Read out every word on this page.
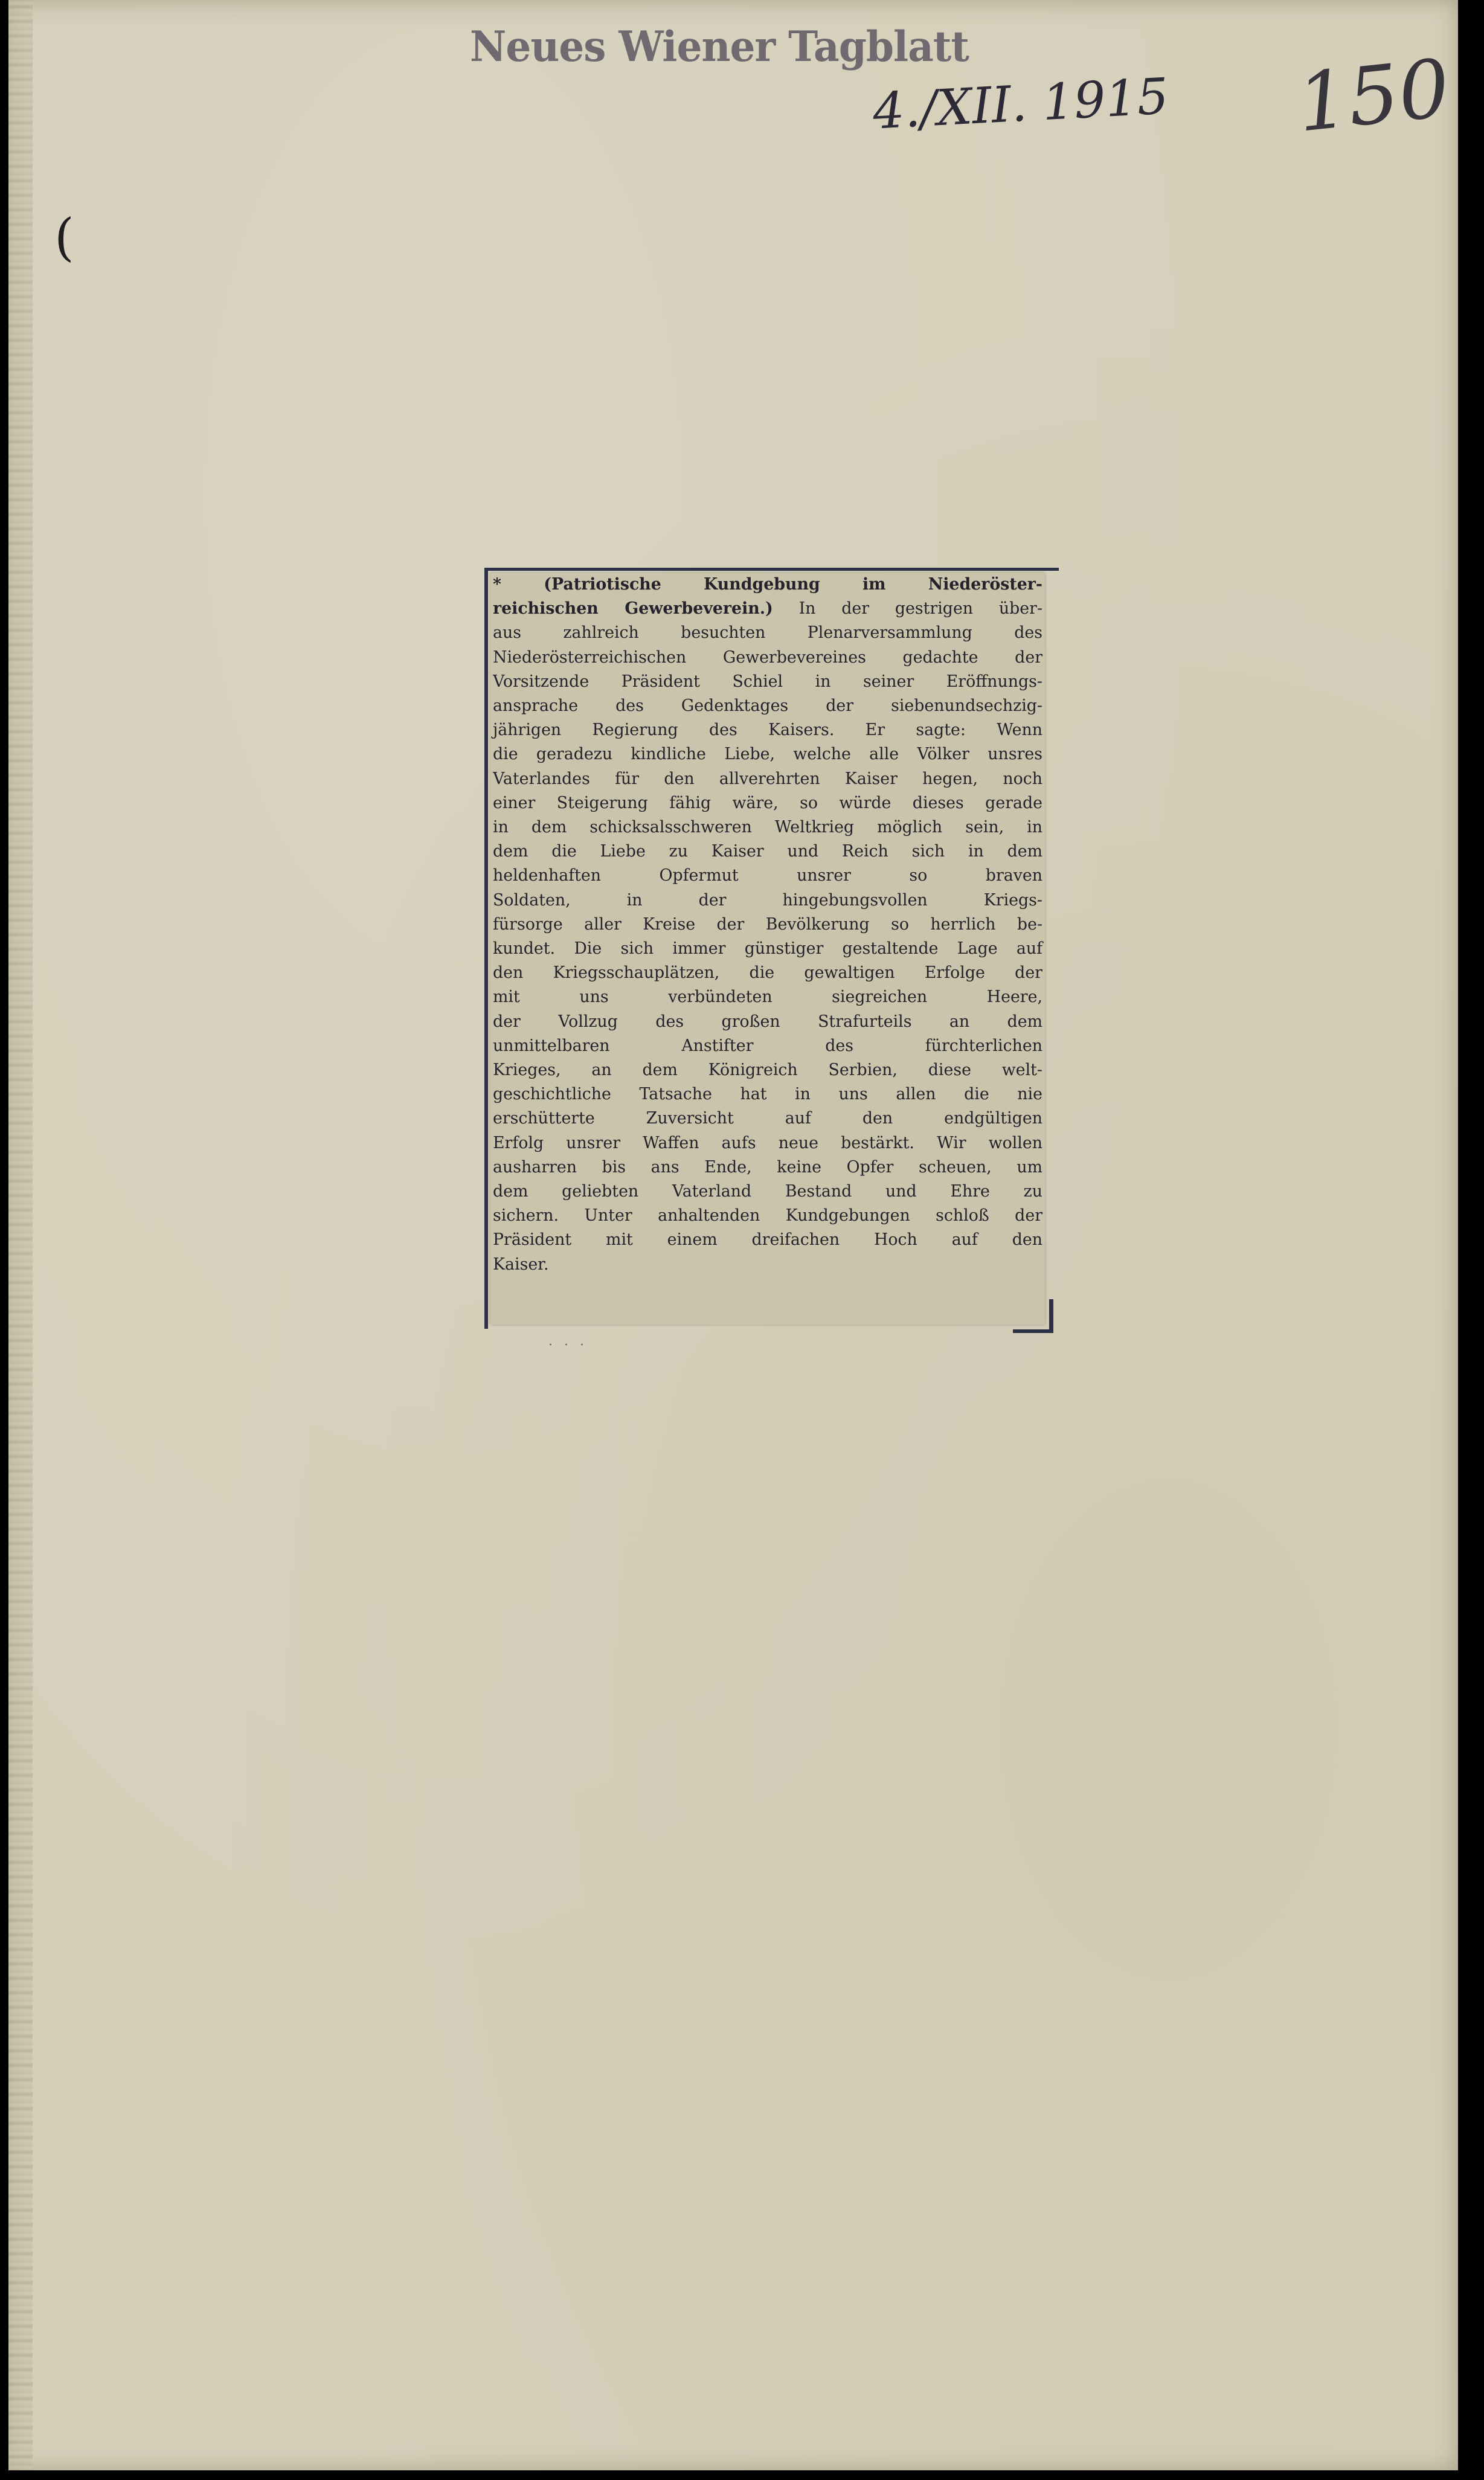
(
Neues Wiener Tagblatt
4./XII. 1915 150
* (Patriotische Kundgebung im Niederöster-
reichischen Gewerbeverein.) In der gestrigen über-
aus zahlreich besuchten Plenarversammlung des
Niederösterreichischen Gewerbevereines gedachte der
Vorsitzende Präsident Schiel in seiner Eröffnungs-
ansprache des Gedenktages der siebenundsechzig-
jährigen Regierung des Kaisers. Er sagte: Wenn
die geradezu kindliche Liebe, welche alle Völker unsres
Vaterlandes für den allverehrten Kaiser hegen, noch
einer Steigerung fähig wäre, so würde dieses gerade
in dem schicksalsschweren Weltkrieg möglich sein, in
dem die Liebe zu Kaiser und Reich sich in dem
heldenhaften Opfermut unsrer so braven
Soldaten, in der hingebungsvollen Kriegs-
fürsorge aller Kreise der Bevölkerung so herrlich be-
kundet. Die sich immer günstiger gestaltende Lage auf
den Kriegsschauplätzen, die gewaltigen Erfolge der
mit uns verbündeten siegreichen Heere,
der Vollzug des großen Strafurteils an dem
unmittelbaren Anstifter des fürchterlichen
Krieges, an dem Königreich Serbien, diese welt-
geschichtliche Tatsache hat in uns allen die nie
erschütterte Zuversicht auf den endgültigen
Erfolg unsrer Waffen aufs neue bestärkt. Wir wollen
ausharren bis ans Ende, keine Opfer scheuen, um
dem geliebten Vaterland Bestand und Ehre zu
sichern. Unter anhaltenden Kundgebungen schloß der
Präsident mit einem dreifachen Hoch auf den
Kaiser.
· · ·
